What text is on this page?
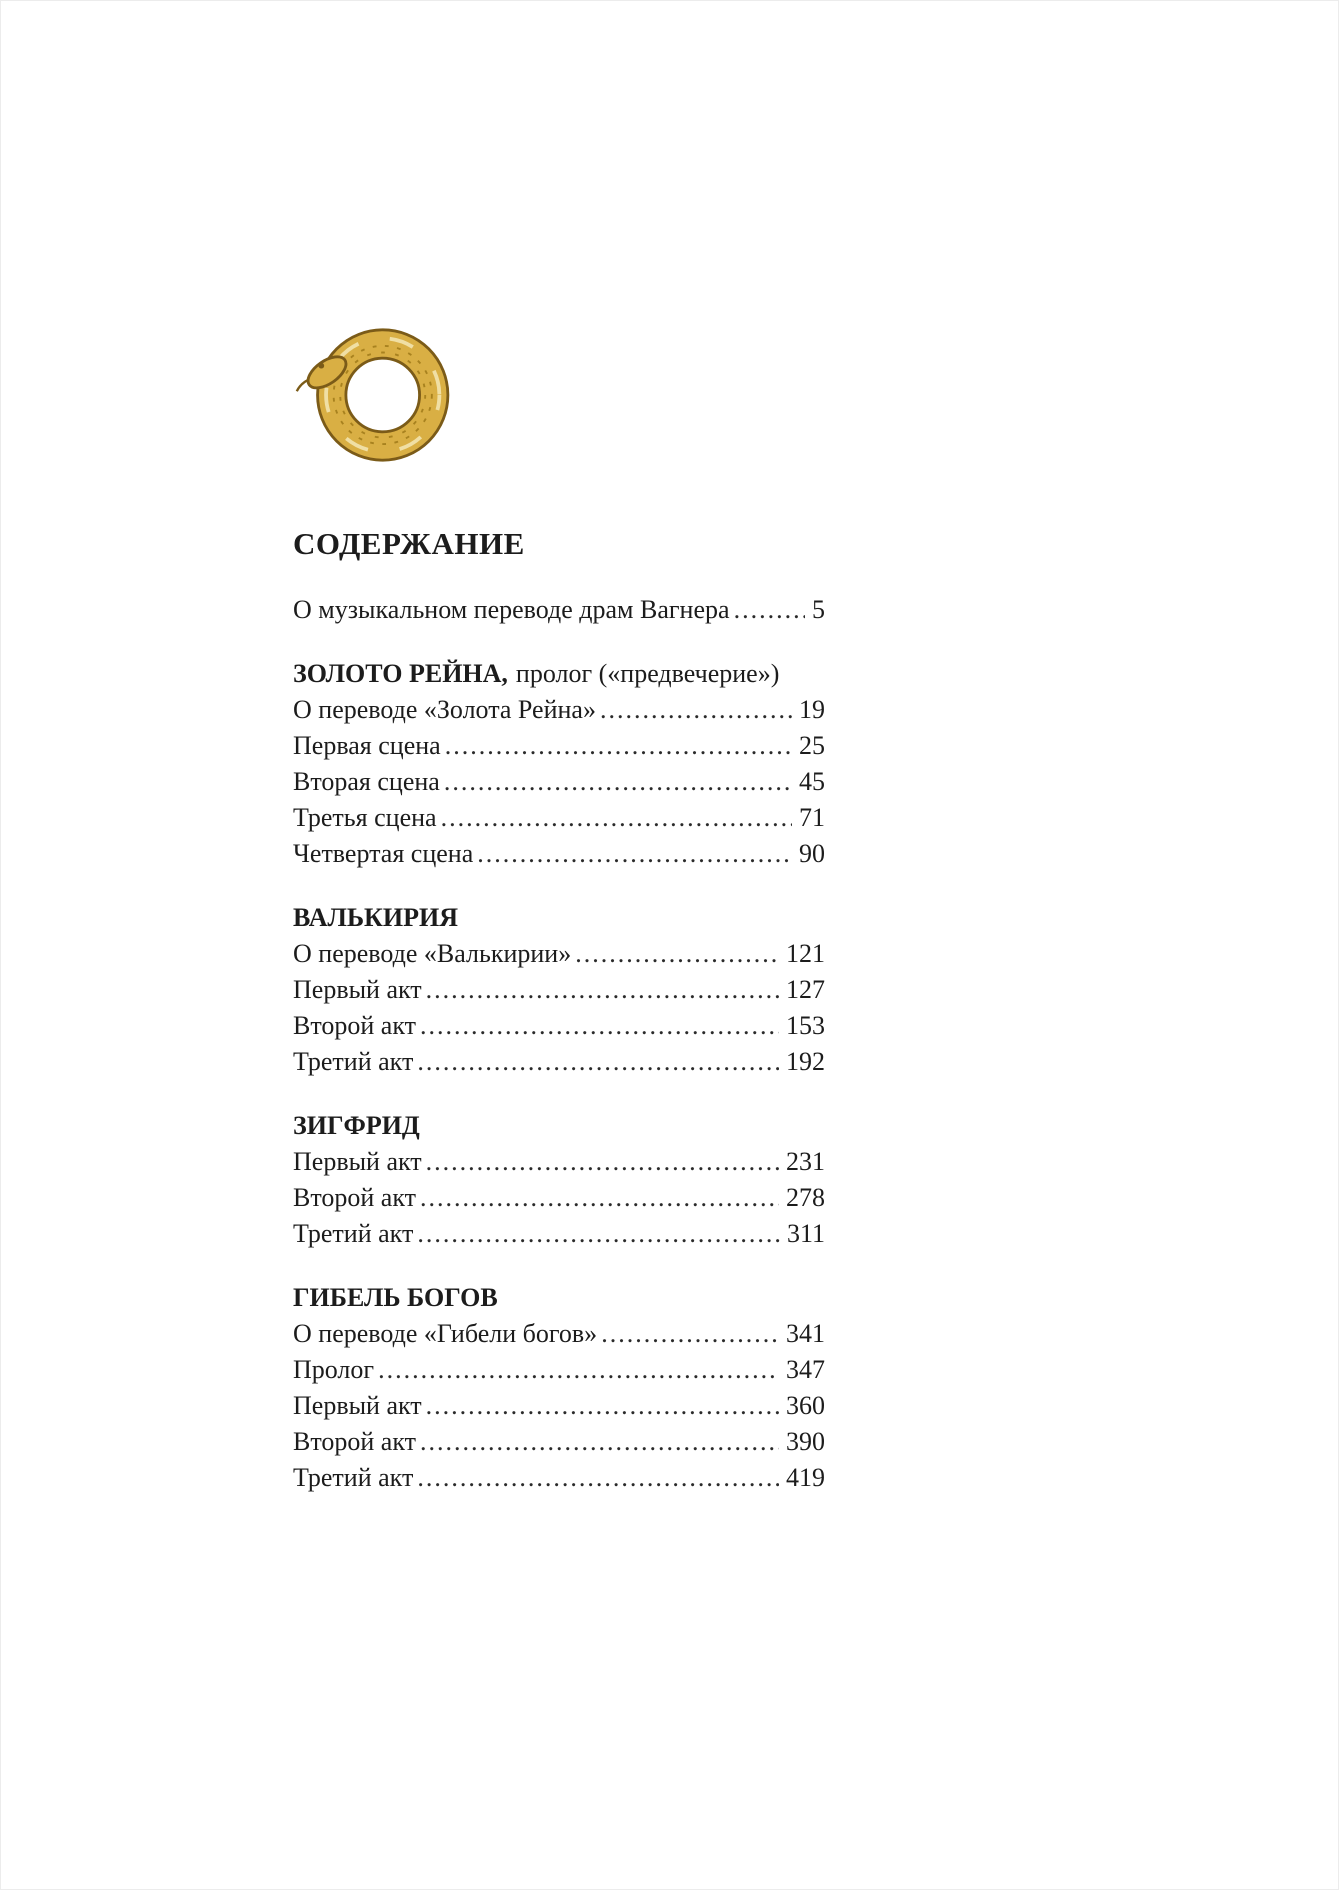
СОДЕРЖАНИЕ
О музыкальном переводе драм Вагнера .....	5
ЗОЛОТО РЕЙНА, пролог («предвечерие»)
О переводе «Золота Рейна» .....	19
Первая сцена .....	25
Вторая сцена .....	45
Третья сцена .....	71
Четвертая сцена .....	90
ВАЛЬКИРИЯ
О переводе «Валькирии» .....	121
Первый акт .....	127
Второй акт .....	153
Третий акт .....	192
ЗИГФРИД
Первый акт .....	231
Второй акт .....	278
Третий акт .....	311
ГИБЕЛЬ БОГОВ
О переводе «Гибели богов» .....	341
Пролог .....	347
Первый акт .....	360
Второй акт .....	390
Третий акт .....	419
